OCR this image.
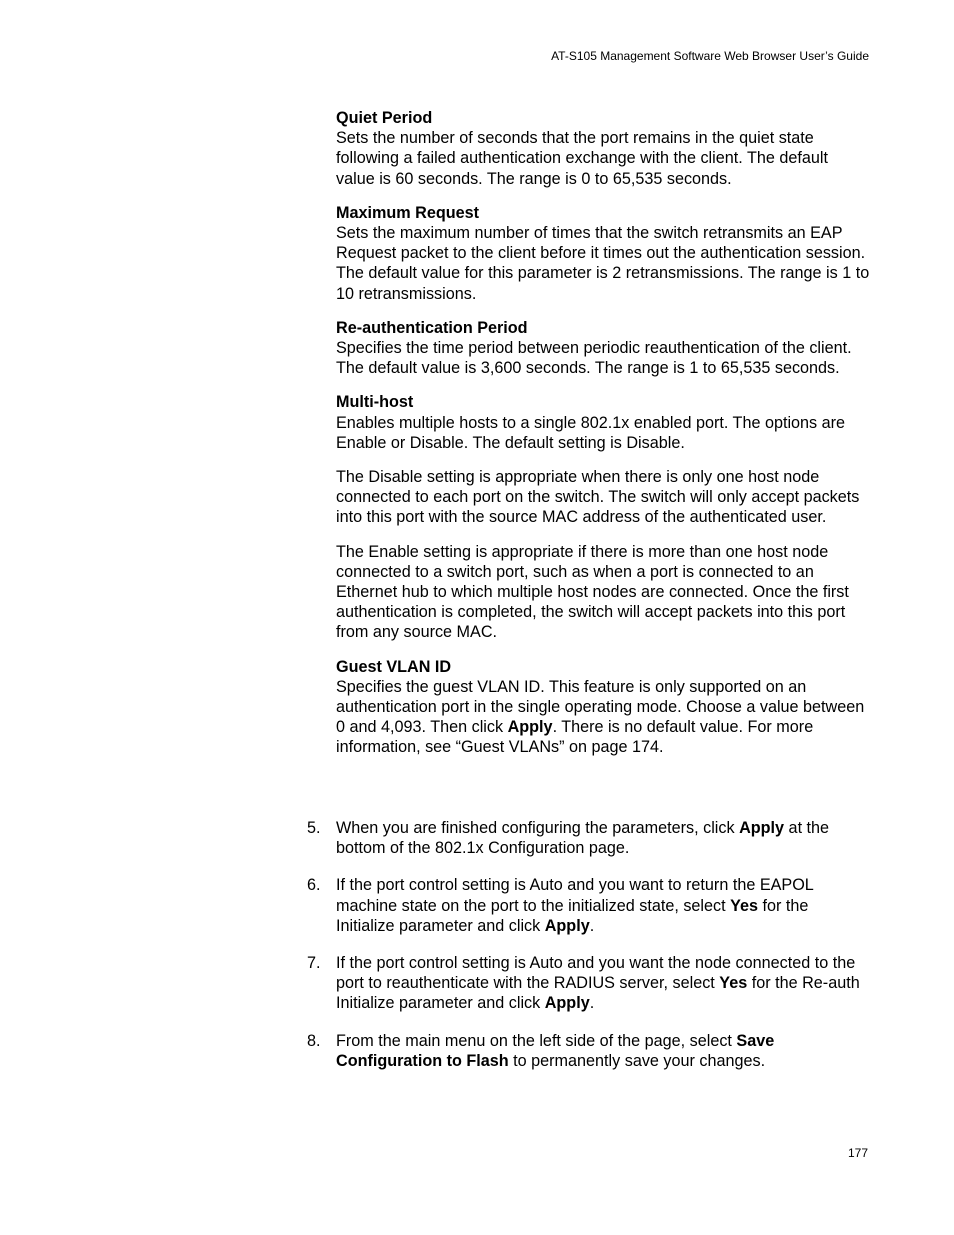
AT-S105 Management Software Web Browser User’s Guide
Quiet Period
Sets the number of seconds that the port remains in the quiet state following a failed authentication exchange with the client. The default value is 60 seconds. The range is 0 to 65,535 seconds.
Maximum Request
Sets the maximum number of times that the switch retransmits an EAP Request packet to the client before it times out the authentication session. The default value for this parameter is 2 retransmissions. The range is 1 to 10 retransmissions.
Re-authentication Period
Specifies the time period between periodic reauthentication of the client. The default value is 3,600 seconds. The range is 1 to 65,535 seconds.
Multi-host
Enables multiple hosts to a single 802.1x enabled port. The options are Enable or Disable. The default setting is Disable.
The Disable setting is appropriate when there is only one host node connected to each port on the switch. The switch will only accept packets into this port with the source MAC address of the authenticated user.
The Enable setting is appropriate if there is more than one host node connected to a switch port, such as when a port is connected to an Ethernet hub to which multiple host nodes are connected. Once the first authentication is completed, the switch will accept packets into this port from any source MAC.
Guest VLAN ID
Specifies the guest VLAN ID. This feature is only supported on an authentication port in the single operating mode. Choose a value between 0 and 4,093. Then click Apply. There is no default value. For more information, see “Guest VLANs” on page 174.
5. When you are finished configuring the parameters, click Apply at the bottom of the 802.1x Configuration page.
6. If the port control setting is Auto and you want to return the EAPOL machine state on the port to the initialized state, select Yes for the Initialize parameter and click Apply.
7. If the port control setting is Auto and you want the node connected to the port to reauthenticate with the RADIUS server, select Yes for the Re-auth Initialize parameter and click Apply.
8. From the main menu on the left side of the page, select Save Configuration to Flash to permanently save your changes.
177
